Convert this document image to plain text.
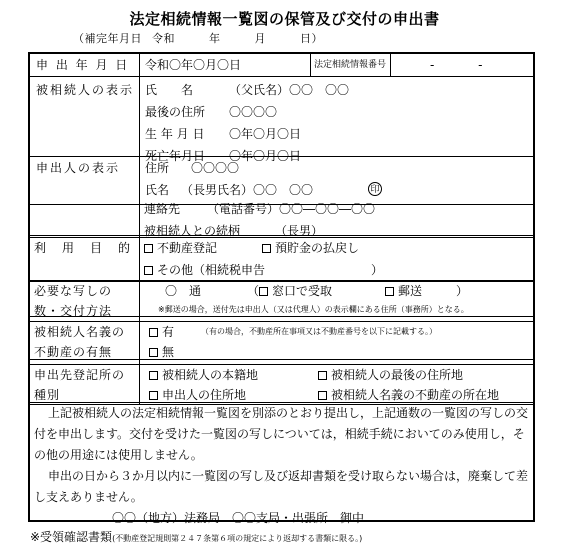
法定相続情報一覧図の保管及び交付の申出書
（補完年月日 令和	年	月	日）
申 出 年 月 日 令和〇年〇月〇日	法定相続情報番号	- -
被相続人の表示 氏　　名	（父氏名）〇〇　〇〇
最後の住所 〇〇〇〇
生 年 月 日 〇年〇月〇日
死亡年月日 〇年〇月〇日
申出人の表示 住所 〇〇〇〇
氏名 （長男氏名）〇〇　〇〇	印
連絡先 （電話番号）〇〇―〇〇―〇〇
被相続人との続柄	（長男）
利　用　目　的	不動産登記	預貯金の払戻し
その他（相続税申告	）
必要な写しの
数・交付方法
〇　通	（	窓口で受取	郵送	）
※郵送の場合，送付先は申出人（又は代理人）の表示欄にある住所（事務所）となる。
被相続人名義の
不動産の有無
有	（有の場合，不動産所在事項又は不動産番号を以下に記載する。）
無
申出先登記所の
種別
被相続人の本籍地	被相続人の最後の住所地
申出人の住所地	被相続人名義の不動産の所在地
上記被相続人の法定相続情報一覧図を別添のとおり提出し，上記通数の一覧図の写しの交
付を申出します。交付を受けた一覧図の写しについては，相続手続においてのみ使用し，そ
の他の用途には使用しません。
申出の日から３か月以内に一覧図の写し及び返却書類を受け取らない場合は，廃棄して差
し支えありません。
〇〇（地方）法務局　〇〇支局・出張所　御中
※受領確認書類(不動産登記規則第２４７条第６項の規定により返却する書類に限る。)
